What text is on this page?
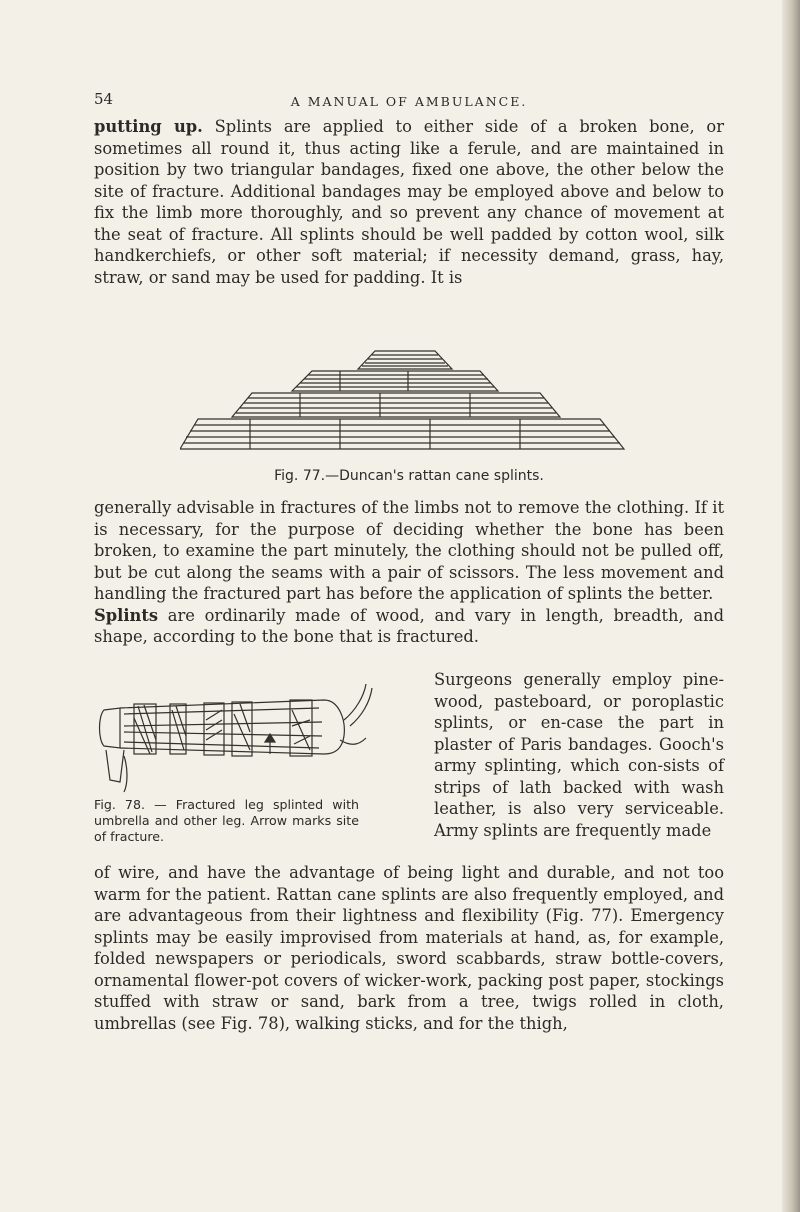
54	A MANUAL OF AMBULANCE.

putting up. Splints are applied to either side of a broken bone, or sometimes all round it, thus acting like a ferule, and are maintained in position by two triangular bandages, fixed one above, the other below the site of fracture. Additional bandages may be employed above and below to fix the limb more thoroughly, and so prevent any chance of movement at the seat of fracture. All splints should be well padded by cotton wool, silk handkerchiefs, or other soft material; if necessity demand, grass, hay, straw, or sand may be used for padding. It is

Fig. 77.—Duncan's rattan cane splints.

generally advisable in fractures of the limbs not to remove the clothing. If it is necessary, for the purpose of deciding whether the bone has been broken, to examine the part minutely, the clothing should not be pulled off, but be cut along the seams with a pair of scissors. The less movement and handling the fractured part has before the application of splints the better.

Splints are ordinarily made of wood, and vary in length, breadth, and shape, according to the bone that is fractured.

Fig. 78. — Fractured leg splinted with umbrella and other leg. Arrow marks site of fracture.
Surgeons generally employ pine-wood, pasteboard, or poroplastic splints, or en-case the part in plaster of Paris bandages. Gooch's army splinting, which con-sists of strips of lath backed with wash leather, is also very serviceable. Army splints are frequently made

of wire, and have the advantage of being light and durable, and not too warm for the patient. Rattan cane splints are also frequently employed, and are advantageous from their lightness and flexibility (Fig. 77). Emergency splints may be easily improvised from materials at hand, as, for example, folded newspapers or periodicals, sword scabbards, straw bottle-covers, ornamental flower-pot covers of wicker-work, packing post paper, stockings stuffed with straw or sand, bark from a tree, twigs rolled in cloth, umbrellas (see Fig. 78), walking sticks, and for the thigh,
